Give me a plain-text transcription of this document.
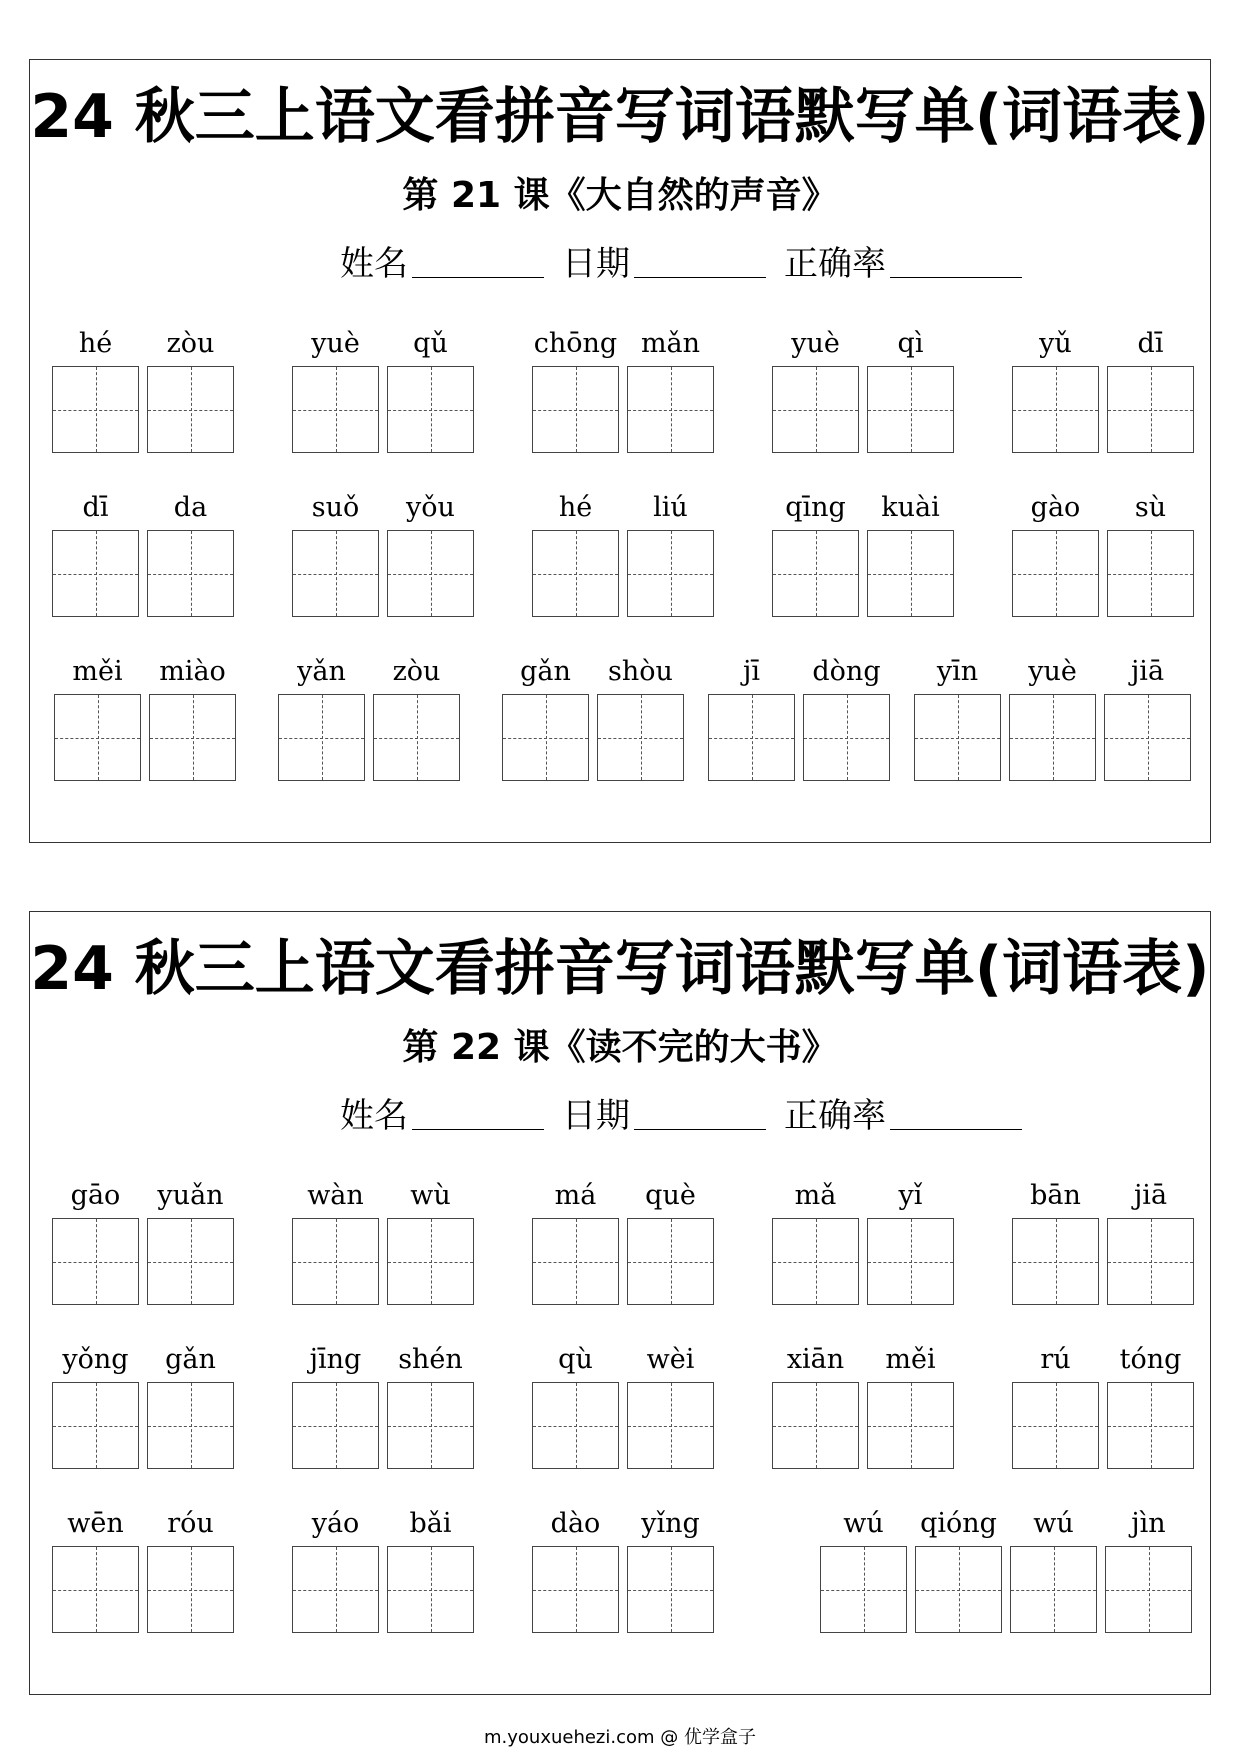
24 秋三上语文看拼音写词语默写单(词语表)
第 21 课《大自然的声音》
姓名	日期	正确率
hé zòu	yuè qǔ	chōng mǎn	yuè qì	yǔ dī
dī da	suǒ yǒu	hé liú	qīng kuài	gào sù
měi miào	yǎn zòu	gǎn shòu	jī dòng yīn yuè jiā
24 秋三上语文看拼音写词语默写单(词语表)
第 22 课《读不完的大书》
姓名	日期	正确率
gāo yuǎn	wàn wù	má què	mǎ yǐ	bān jiā
yǒng gǎn	jīng shén	qù wèi	xiān měi	rú tóng
wēn róu	yáo bǎi	dào yǐng	wú qióng wú jìn
m.youxuehezi.com @ 优学盒子
